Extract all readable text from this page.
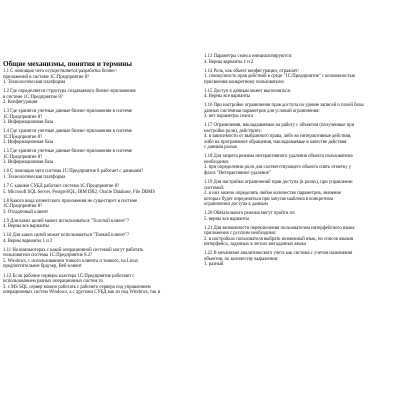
Общие механизмы, понятия и термины
1.1 С помощью чего осуществляется разработка бизнес-
приложений в системе 1С:Предприятие 8?
1. Технологическая платформа
1.2 Где определяется структура создаваемого бизнес-приложения
в системе 1С:Предприятие 8?
2. Конфигурация
1.3 Где хранятся учетные данные бизнес-приложения в системе
1С:Предприятие 8?
3. Информационная база
1.4 Где хранятся учетные данные бизнес-приложения в системе
1С:Предприятие 8?
3. Информационная база
1.5 Где хранятся учетные данные бизнес-приложения в системе
1С:Предприятие 8?
3. Информационная база
1.6 С помощью чего система 1С:Предприятие 8 работает с данными?
1. Технологическая платформа
1.7 С какими СУБД работает система 1С:Предприятие 8?
5. Microsoft SQL Server, PostgreSQL, IBM DB2, Oracle Database, File DBMS
1.8 Какого вида клиентского приложения не существует в системе
1С:Предприятие 8?
3. Отладочный клиент
1.9 Для каких целей может использоваться "Толстый клиент"?
4. Верны все варианты
1.10 Для каких целей может использоваться "Тонкий клиент"?
4. Верны варианты 1 и 2
1.11 На компьютерах с какой операционной системой могут работать
пользователи системы 1С:Предприятие 8.2?
5. Windows, с использованием тонкого клиента и тонкого, на Linux
предпочтительнее браузер, Веб-клиент
1.12 Если рабочие серверы кластера 1С:Предприятие работают с
использованием разных операционных систем то
3. с MS SQL сервер можно работать с рабочего сервера под управлением
операционных систем Windows, а с другими СУБД как из под Windows, так и
1.13 Параметры сеанса инициализируются:
4. Верны варианты 1 и 2
1.14 Роль, как объект конфигурации, отражает:
1. совокупность прав действий в среде "1С:Предприятие" с возможностью
присвоения конкретному пользователю
1.15 Доступ к данным может выполняться:
4. Верны все варианты
1.16 При настройке ограничения прав доступа на уровне записей и полей базы
данных системная параметров для условий ограничения:
3. нет параметры сеанса
1.17 Ограничения, накладываемые на работу с объектом (полученные при
настройке роли), действуют:
4. в зависимости от выбранного права, либо во интерактивные действия,
либо на программное обращения, накладываемые в качестве действия
с данным ролью
1.18 Для запрета режима интерактивного удаления объекта пользователю
необходимо:
3. при определении роли для соответствующего объекта снять отметку у
флага "Интерактивное удаление"
1.19 Для настройки ограничений прав доступа (в ролях), при управлении
системой:
2. в них можно определять любое количество параметров, значение
которых будет определяться при запуске шаблона в конкретном
ограничении доступа к данным
1.20 Обязательного режима могут пройти из:
5. верны все варианты
1.21 Для возможности переключения пользователем интерфейсного языка
приложения с русским необходимо:
2. в настройках пользователя выбрать возможный язык, но список языков
интерфейса, заданных в легких метаданных языка
1.22 В механизме аналитического учета как система с учетом назначения
объектов, по количеству выражения:
1. разный
